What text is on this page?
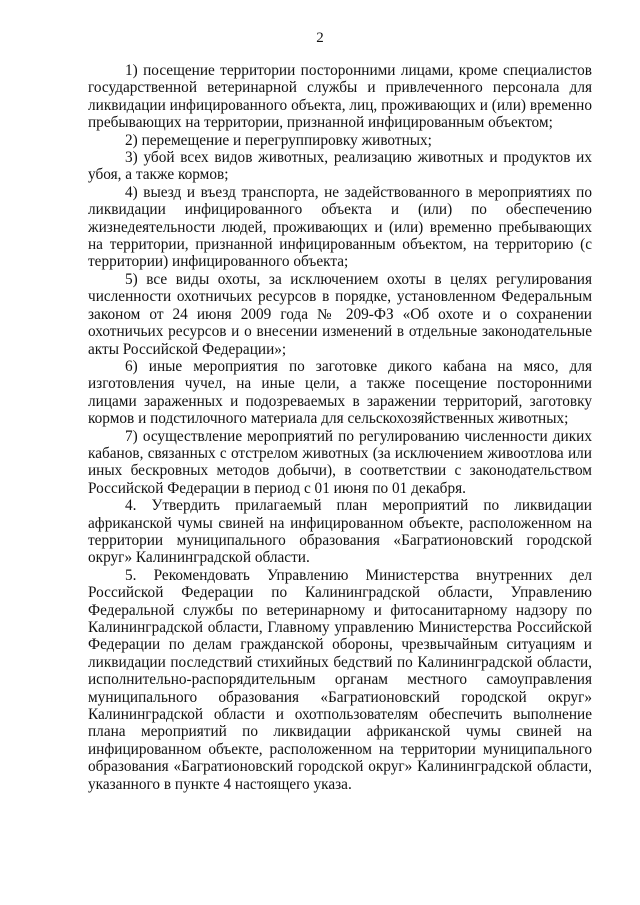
2

1) посещение территории посторонними лицами, кроме специалистов государственной ветеринарной службы и привлеченного персонала для ликвидации инфицированного объекта, лиц, проживающих и (или) временно пребывающих на территории, признанной инфицированным объектом;

2) перемещение и перегруппировку животных;

3) убой всех видов животных, реализацию животных и продуктов их убоя, а также кормов;

4) выезд и въезд транспорта, не задействованного в мероприятиях по ликвидации инфицированного объекта и (или) по обеспечению жизнедеятельности людей, проживающих и (или) временно пребывающих на территории, признанной инфицированным объектом, на территорию (с территории) инфицированного объекта;

5) все виды охоты, за исключением охоты в целях регулирования численности охотничьих ресурсов в порядке, установленном Федеральным законом от 24 июня 2009 года № 209-ФЗ «Об охоте и о сохранении охотничьих ресурсов и о внесении изменений в отдельные законодательные акты Российской Федерации»;

6) иные мероприятия по заготовке дикого кабана на мясо, для изготовления чучел, на иные цели, а также посещение посторонними лицами зараженных и подозреваемых в заражении территорий, заготовку кормов и подстилочного материала для сельскохозяйственных животных;

7) осуществление мероприятий по регулированию численности диких кабанов, связанных с отстрелом животных (за исключением живоотлова или иных бескровных методов добычи), в соответствии с законодательством Российской Федерации в период с 01 июня по 01 декабря.

4. Утвердить прилагаемый план мероприятий по ликвидации африканской чумы свиней на инфицированном объекте, расположенном на территории муниципального образования «Багратионовский городской округ» Калининградской области.

5. Рекомендовать Управлению Министерства внутренних дел Российской Федерации по Калининградской области, Управлению Федеральной службы по ветеринарному и фитосанитарному надзору по Калининградской области, Главному управлению Министерства Российской Федерации по делам гражданской обороны, чрезвычайным ситуациям и ликвидации последствий стихийных бедствий по Калининградской области, исполнительно-распорядительным органам местного самоуправления муниципального образования «Багратионовский городской округ» Калининградской области и охотпользователям обеспечить выполнение плана мероприятий по ликвидации африканской чумы свиней на инфицированном объекте, расположенном на территории муниципального образования «Багратионовский городской округ» Калининградской области, указанного в пункте 4 настоящего указа.
